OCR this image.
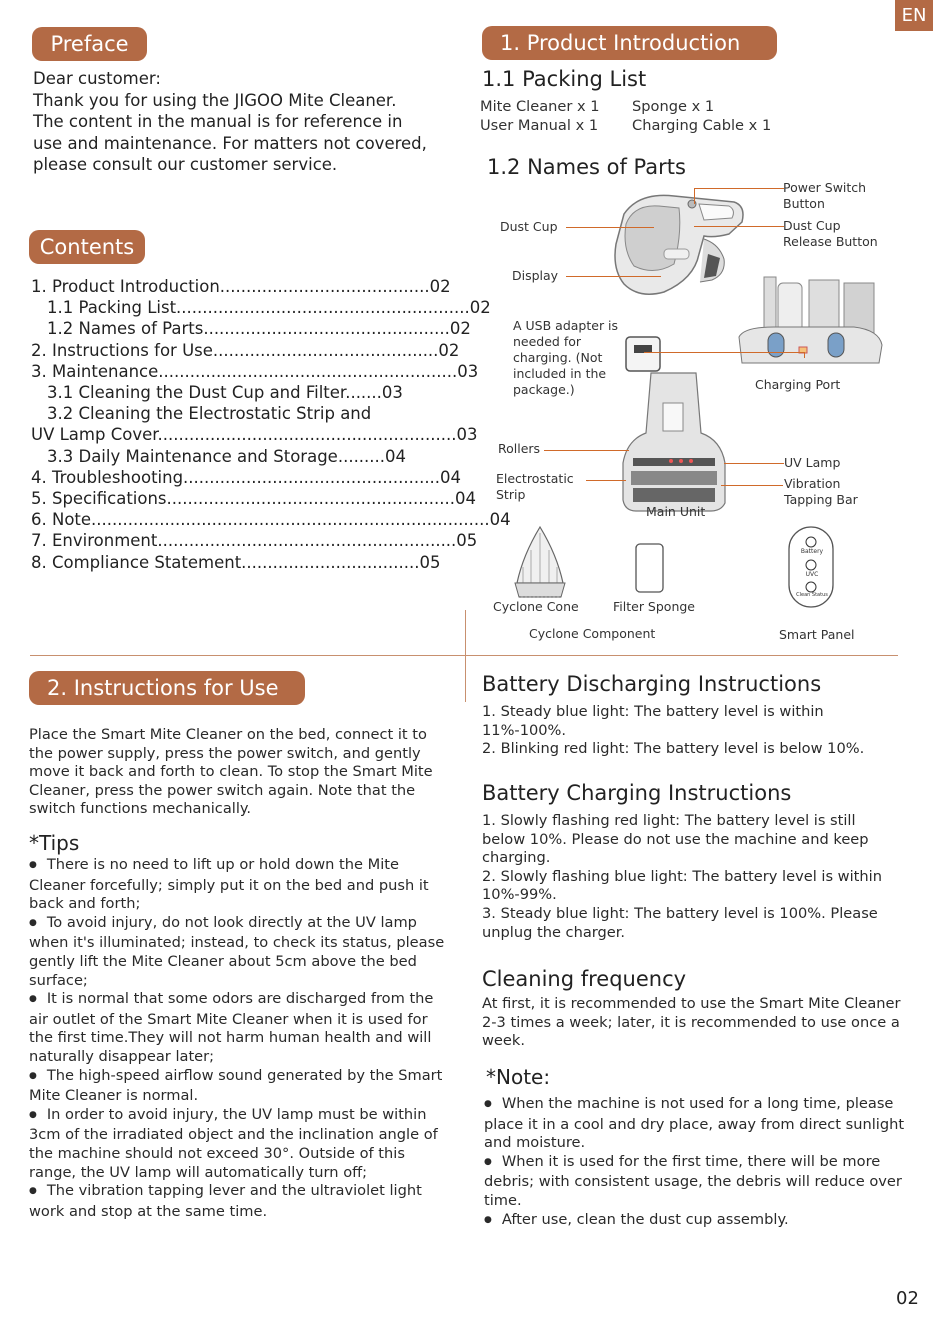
EN
Preface
Dear customer:
Thank you for using the JIGOO Mite Cleaner.
The content in the manual is for reference in
use and maintenance. For matters not covered,
please consult our customer service.
Contents
1. Product Introduction........................................02
1.1 Packing List........................................................02
1.2 Names of Parts...............................................02
2. Instructions for Use...........................................02
3. Maintenance.........................................................03
3.1 Cleaning the Dust Cup and Filter.......03
3.2 Cleaning the Electrostatic Strip and
UV Lamp Cover.........................................................03
3.3 Daily Maintenance and Storage.........04
4. Troubleshooting.................................................04
5. Specifications.......................................................04
6. Note............................................................................04
7. Environment.........................................................05
8. Compliance Statement..................................05
1. Product Introduction
1.1 Packing List
Mite Cleaner x 1 Sponge x 1
User Manual x 1 Charging Cable x 1
1.2 Names of Parts
Battery
UVC
Clean Status
Power Switch
Button
Dust Cup	Dust Cup
Release Button
Display
A USB adapter is
needed for
charging. (Not
included in the
package.)	Charging Port
Rollers
UV Lamp
Electrostatic
Strip
Vibration
Tapping Bar
Main Unit
Cyclone Cone	Filter Sponge
Cyclone Component	Smart Panel
2. Instructions for Use
Place the Smart Mite Cleaner on the bed, connect it to the power supply, press the power switch, and gently move it back and forth to clean. To stop the Smart Mite Cleaner, press the power switch again. Note that the switch functions mechanically.
*Tips
● There is no need to lift up or hold down the Mite Cleaner forcefully; simply put it on the bed and push it back and forth;
● To avoid injury, do not look directly at the UV lamp when it's illuminated; instead, to check its status, please gently lift the Mite Cleaner about 5cm above the bed surface;
● It is normal that some odors are discharged from the air outlet of the Smart Mite Cleaner when it is used for the first time.They will not harm human health and will naturally disappear later;
● The high-speed airflow sound generated by the Smart Mite Cleaner is normal.
● In order to avoid injury, the UV lamp must be within 3cm of the irradiated object and the inclination angle of the machine should not exceed 30°. Outside of this range, the UV lamp will automatically turn off;
● The vibration tapping lever and the ultraviolet light work and stop at the same time.
Battery Discharging Instructions
1. Steady blue light: The battery level is within 11%-100%.
2. Blinking red light: The battery level is below 10%.
Battery Charging Instructions
1. Slowly flashing red light: The battery level is still below 10%. Please do not use the machine and keep charging.
2. Slowly flashing blue light: The battery level is within 10%-99%.
3. Steady blue light: The battery level is 100%. Please unplug the charger.
Cleaning frequency
At first, it is recommended to use the Smart Mite Cleaner 2-3 times a week; later, it is recommended to use once a week.
*Note:
● When the machine is not used for a long time, please place it in a cool and dry place, away from direct sunlight and moisture.
● When it is used for the first time, there will be more debris; with consistent usage, the debris will reduce over time.
● After use, clean the dust cup assembly.
02
